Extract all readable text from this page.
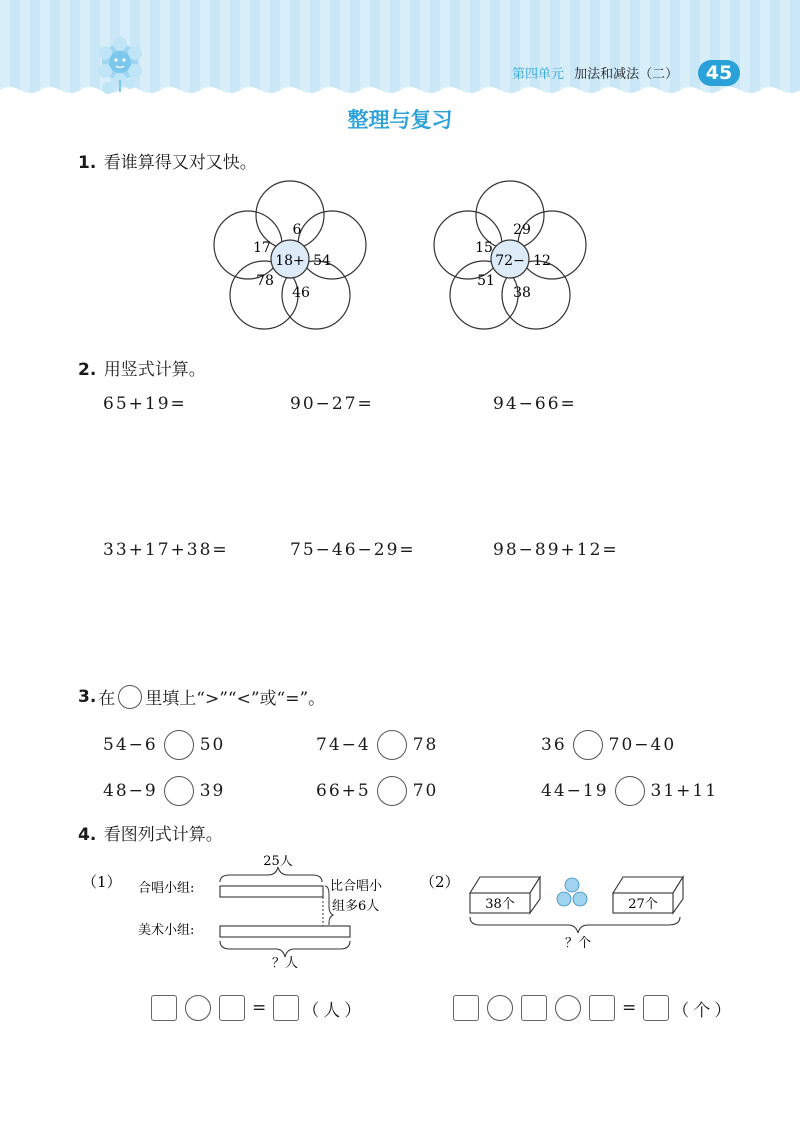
第四单元 加法和减法（二）	45
整理与复习
1. 看谁算得又对又快。
18+
6
54
46
78
17
72−
29
12
38
51
15
2. 用竖式计算。
65+19=	90−27=	94−66=
33+17+38=	75−46−29=	98−89+12=
3. 在 里填上“>”“<”或“=”。
54−6 50	74−4 78	36 70−40
48−9 39	66+5 70	44−19 31+11
4. 看图列式计算。
（1） 合唱小组:
美术小组:
25人
比合唱小
组多6人
？人
（2）
38个	27个
？个
= （人）	= （个）
